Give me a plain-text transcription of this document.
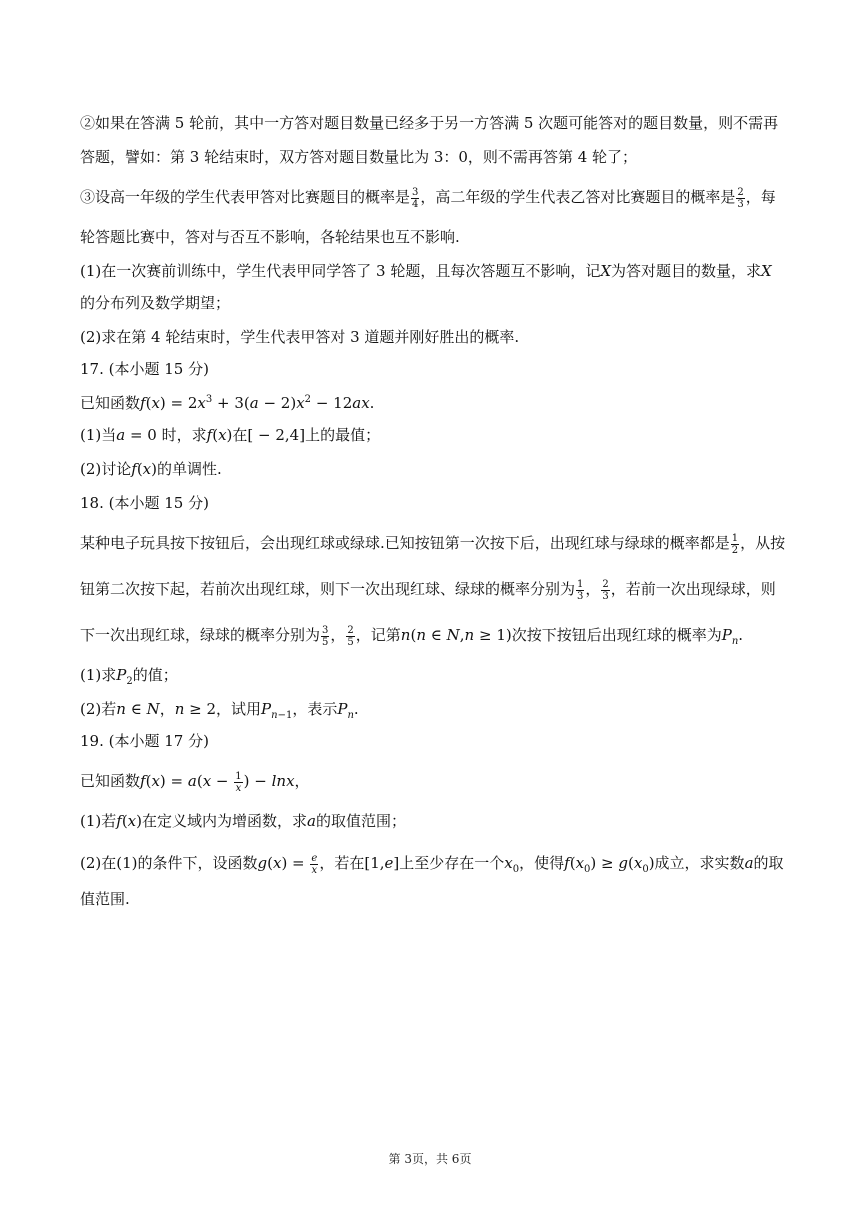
②如果在答满 5 轮前，其中一方答对题目数量已经多于另一方答满 5 次题可能答对的题目数量，则不需再
答题，譬如：第 3 轮结束时，双方答对题目数量比为 3：0，则不需再答第 4 轮了；
③设高一年级的学生代表甲答对比赛题目的概率是 $\frac{3}{4}$ ，高二年级的学生代表乙答对比赛题目的概率是 $\frac{2}{3}$ ，每
轮答题比赛中，答对与否互不影响，各轮结果也互不影响.
(1)在一次赛前训练中，学生代表甲同学答了 3 轮题，且每次答题互不影响，记X为答对题目的数量，求X
的分布列及数学期望；
(2)求在第 4 轮结束时，学生代表甲答对 3 道题并刚好胜出的概率.
17. (本小题 15 分)
已知函数$f(x) = 2x^3 + 3(a - 2)x^2 - 12ax$.
(1)当a = 0 时，求f(x)在[ − 2,4]上的最值；
(2)讨论f(x)的单调性.
18. (本小题 15 分)
某种电子玩具按下按钮后，会出现红球或绿球.已知按钮第一次按下后，出现红球与绿球的概率都是 $\frac{1}{2}$ ，从按
钮第二次按下起，若前次出现红球，则下一次出现红球、绿球的概率分别为 $\frac{1}{3}$ ， $\frac{2}{3}$ ，若前一次出现绿球，则
下一次出现红球，绿球的概率分别为 $\frac{3}{5}$ ， $\frac{2}{5}$ ，记第n(n ∈ N,n ≥ 1)次按下按钮后出现红球的概率为$P_n$.
(1)求$P_2$的值；
(2)若n ∈ N，n ≥ 2，试用$P_{n-1}$，表示$P_n$.
19. (本小题 17 分)
已知函数$f(x) = a(x - \frac{1}{x}$ ) − lnx，
(1)若f(x)在定义域内为增函数，求a的取值范围；
(2)在(1)的条件下，设函数$g(x) = \frac{e}{x}$ ，若在[1,e]上至少存在一个$x_0$，使得$f(x_0) \ge g(x_0)$成立，求实数a的取
值范围.
第 3页，共 6页
